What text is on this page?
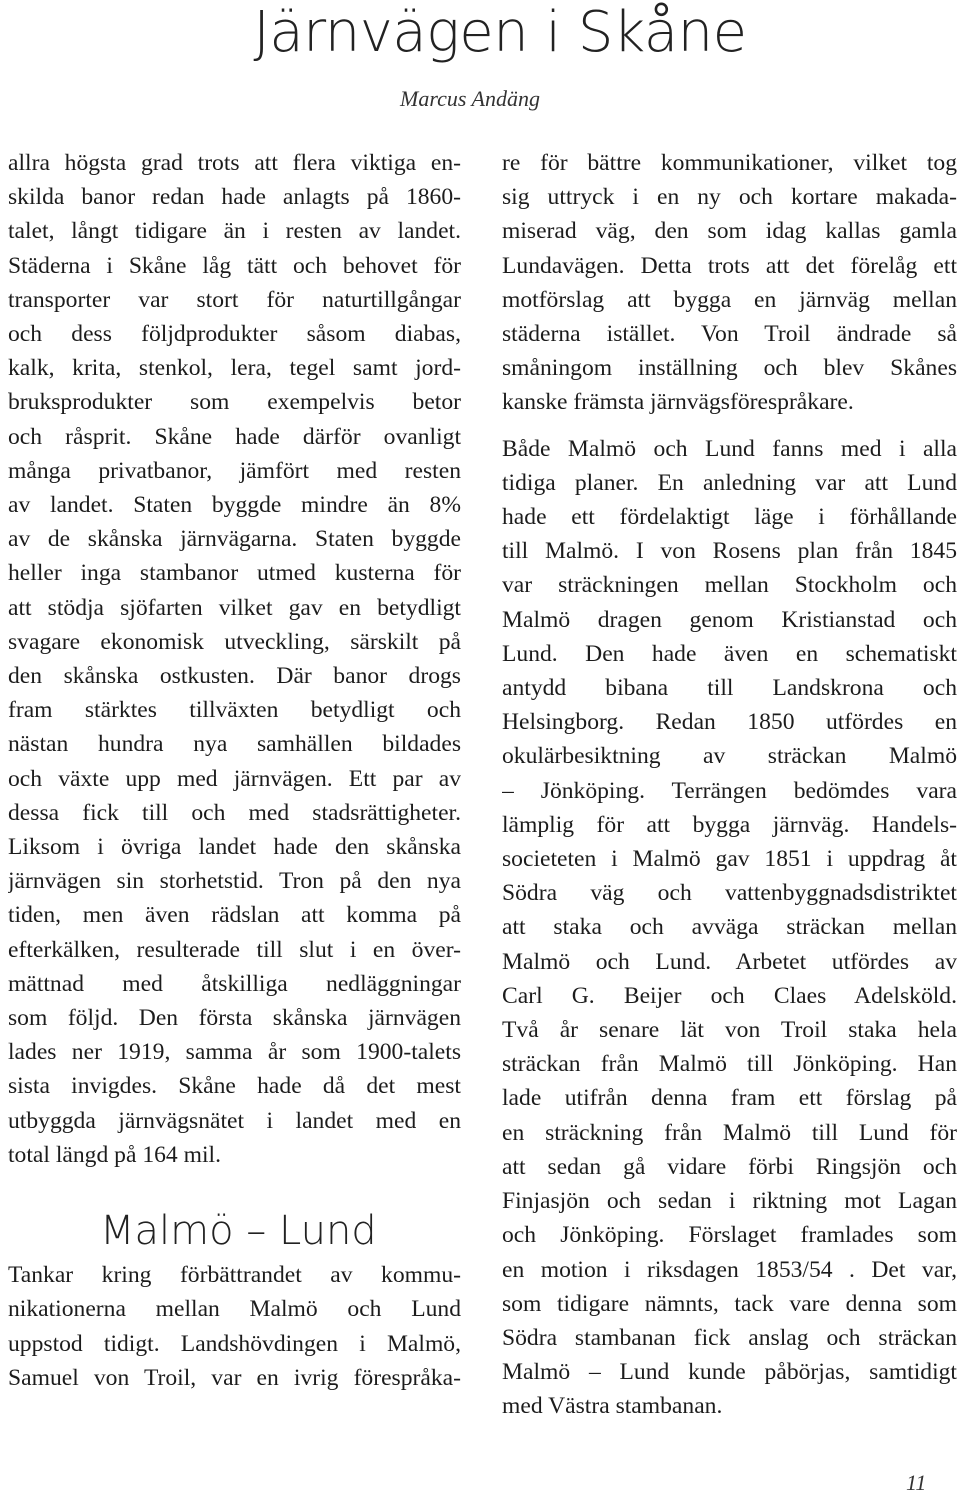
Järnvägen i Skåne
Marcus Andäng

allra högsta grad trots att flera viktiga en-
skilda banor redan hade anlagts på 1860-
talet, långt tidigare än i resten av landet.
Städerna i Skåne låg tätt och behovet för
transporter var stort för naturtillgångar
och dess följdprodukter såsom diabas,
kalk, krita, stenkol, lera, tegel samt jord-
bruksprodukter som exempelvis betor
och råsprit. Skåne hade därför ovanligt
många privatbanor, jämfört med resten
av landet. Staten byggde mindre än 8%
av de skånska järnvägarna. Staten byggde
heller inga stambanor utmed kusterna för
att stödja sjöfarten vilket gav en betydligt
svagare ekonomisk utveckling, särskilt på
den skånska ostkusten. Där banor drogs
fram stärktes tillväxten betydligt och
nästan hundra nya samhällen bildades
och växte upp med järnvägen. Ett par av
dessa fick till och med stadsrättigheter.
Liksom i övriga landet hade den skånska
järnvägen sin storhetstid. Tron på den nya
tiden, men även rädslan att komma på
efterkälken, resulterade till slut i en över-
mättnad med åtskilliga nedläggningar
som följd. Den första skånska järnvägen
lades ner 1919, samma år som 1900-talets
sista invigdes. Skåne hade då det mest
utbyggda järnvägsnätet i landet med en
total längd på 164 mil.

Malmö – Lund

Tankar kring förbättrandet av kommu-
nikationerna mellan Malmö och Lund
uppstod tidigt. Landshövdingen i Malmö,
Samuel von Troil, var en ivrig förespråka-

re för bättre kommunikationer, vilket tog
sig uttryck i en ny och kortare makada-
miserad väg, den som idag kallas gamla
Lundavägen. Detta trots att det förelåg ett
motförslag att bygga en järnväg mellan
städerna istället. Von Troil ändrade så
småningom inställning och blev Skånes
kanske främsta järnvägsförespråkare.

Både Malmö och Lund fanns med i alla
tidiga planer. En anledning var att Lund
hade ett fördelaktigt läge i förhållande
till Malmö. I von Rosens plan från 1845
var sträckningen mellan Stockholm och
Malmö dragen genom Kristianstad och
Lund. Den hade även en schematiskt
antydd bibana till Landskrona och
Helsingborg. Redan 1850 utfördes en
okulärbesiktning av sträckan Malmö
– Jönköping. Terrängen bedömdes vara
lämplig för att bygga järnväg. Handels-
societeten i Malmö gav 1851 i uppdrag åt
Södra väg och vattenbyggnadsdistriktet
att staka och avväga sträckan mellan
Malmö och Lund. Arbetet utfördes av
Carl G. Beijer och Claes Adelsköld.
Två år senare lät von Troil staka hela
sträckan från Malmö till Jönköping. Han
lade utifrån denna fram ett förslag på
en sträckning från Malmö till Lund för
att sedan gå vidare förbi Ringsjön och
Finjasjön och sedan i riktning mot Lagan
och Jönköping. Förslaget framlades som
en motion i riksdagen 1853/54 . Det var,
som tidigare nämnts, tack vare denna som
Södra stambanan fick anslag och sträckan
Malmö – Lund kunde påbörjas, samtidigt
med Västra stambanan.

11
